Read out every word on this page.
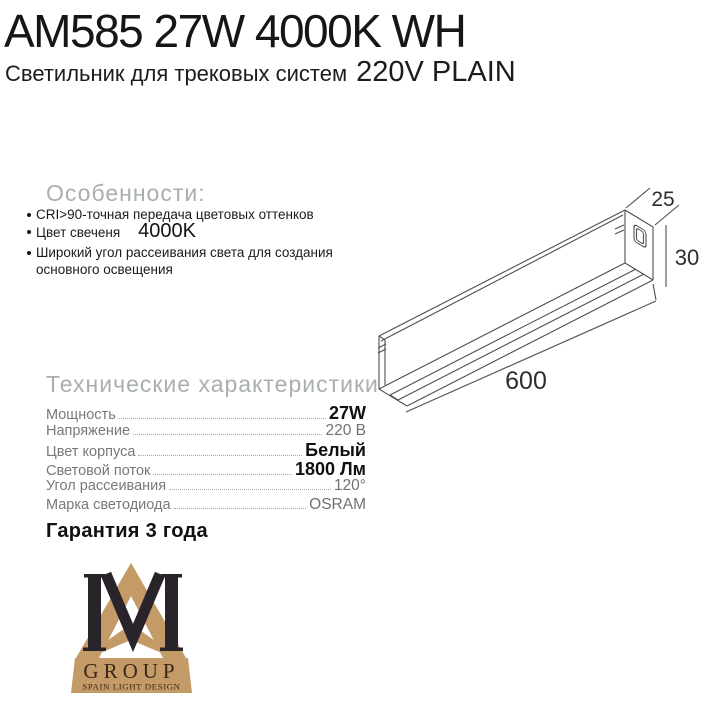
AM585 27W 4000K WH
Светильник для трековых систем 220V PLAIN
Особенности:
CRI>90-точная передача цветовых оттенков
Цвет свеченя 4000K
Широкий угол рассеивания света для создания основного освещения
Технические характеристики
Мощность	27W
Напряжение	220 В
Цвет корпуса	Белый
Световой поток	1800 Лм
Угол рассеивания	120°
Марка светодиода	OSRAM
Гарантия 3 года
25
30
600
GROUP
SPAIN LIGHT DESIGN
